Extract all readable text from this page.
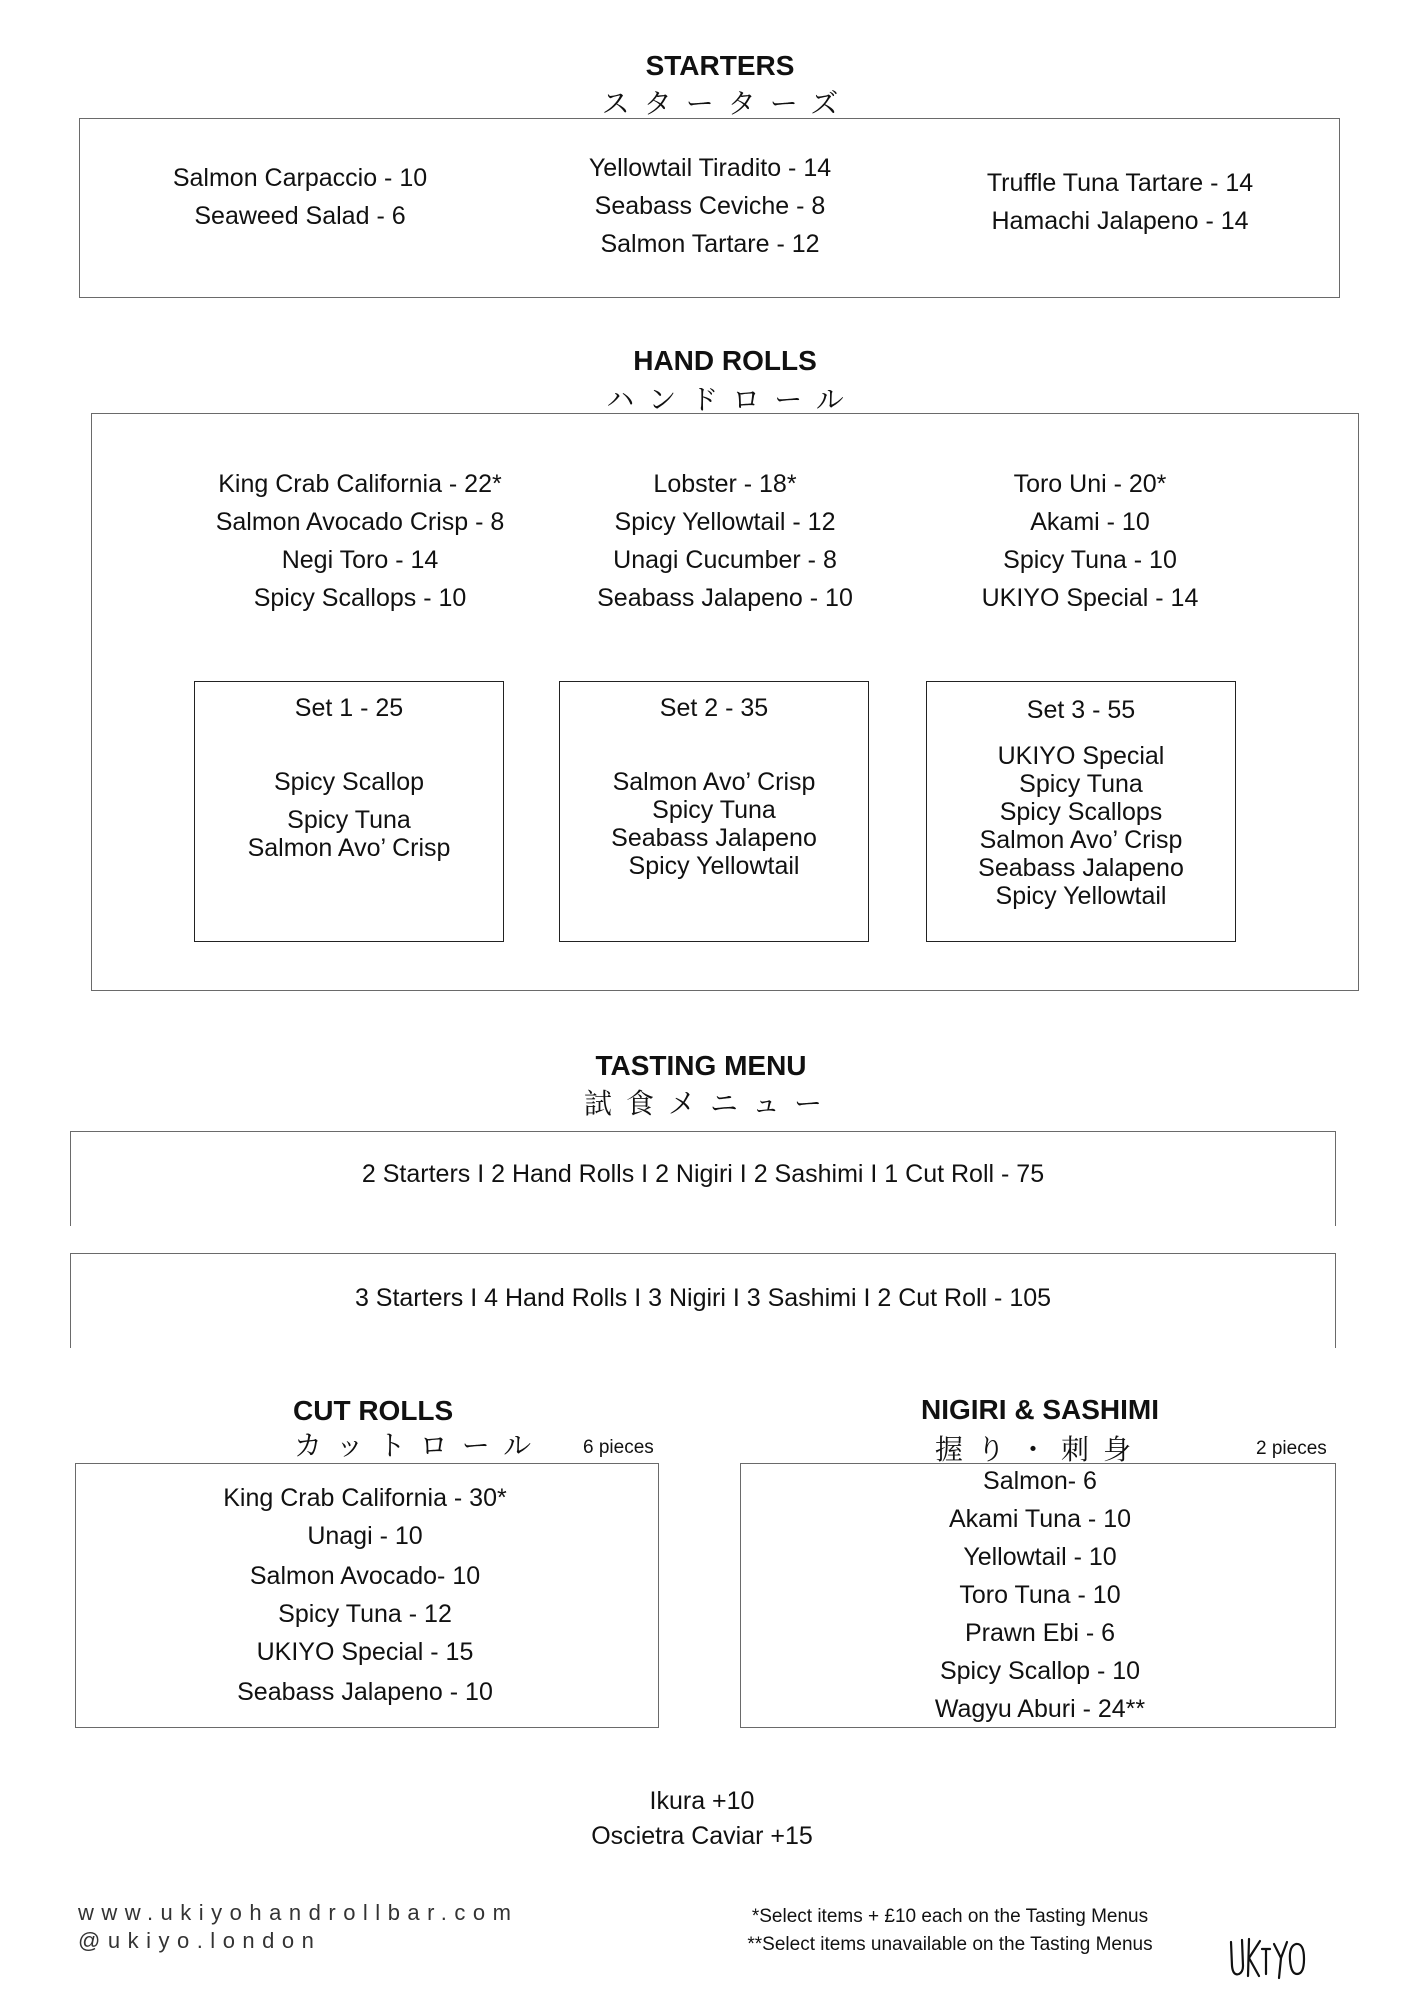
STARTERS
スターターズ
Salmon Carpaccio - 10
Seaweed Salad - 6
Yellowtail Tiradito - 14
Seabass Ceviche - 8
Salmon Tartare - 12
Truffle Tuna Tartare - 14
Hamachi Jalapeno - 14
HAND ROLLS
ハンドロール
King Crab California - 22*
Salmon Avocado Crisp - 8
Negi Toro - 14
Spicy Scallops - 10
Lobster - 18*
Spicy Yellowtail - 12
Unagi Cucumber - 8
Seabass Jalapeno - 10
Toro Uni - 20*
Akami - 10
Spicy Tuna - 10
UKIYO Special - 14
Set 1 - 25
Spicy Scallop
Spicy Tuna
Salmon Avo’ Crisp
Set 2 - 35
Salmon Avo’ Crisp
Spicy Tuna
Seabass Jalapeno
Spicy Yellowtail
Set 3 - 55
UKIYO Special
Spicy Tuna
Spicy Scallops
Salmon Avo’ Crisp
Seabass Jalapeno
Spicy Yellowtail
TASTING MENU
試食メニュー
2 Starters I 2 Hand Rolls I 2 Nigiri I 2 Sashimi I 1 Cut Roll - 75
3 Starters I 4 Hand Rolls I 3 Nigiri I 3 Sashimi I 2 Cut Roll - 105
CUT ROLLS
カットロール 6 pieces
King Crab California - 30*
Unagi - 10
Salmon Avocado- 10
Spicy Tuna - 12
UKIYO Special - 15
Seabass Jalapeno - 10
NIGIRI & SASHIMI
握り・刺身	2 pieces
Salmon- 6
Akami Tuna - 10
Yellowtail - 10
Toro Tuna - 10
Prawn Ebi - 6
Spicy Scallop - 10
Wagyu Aburi - 24**
Ikura +10
Oscietra Caviar +15
www.ukiyohandrollbar.com
@ukiyo.london
*Select items + £10 each on the Tasting Menus
**Select items unavailable on the Tasting Menus
